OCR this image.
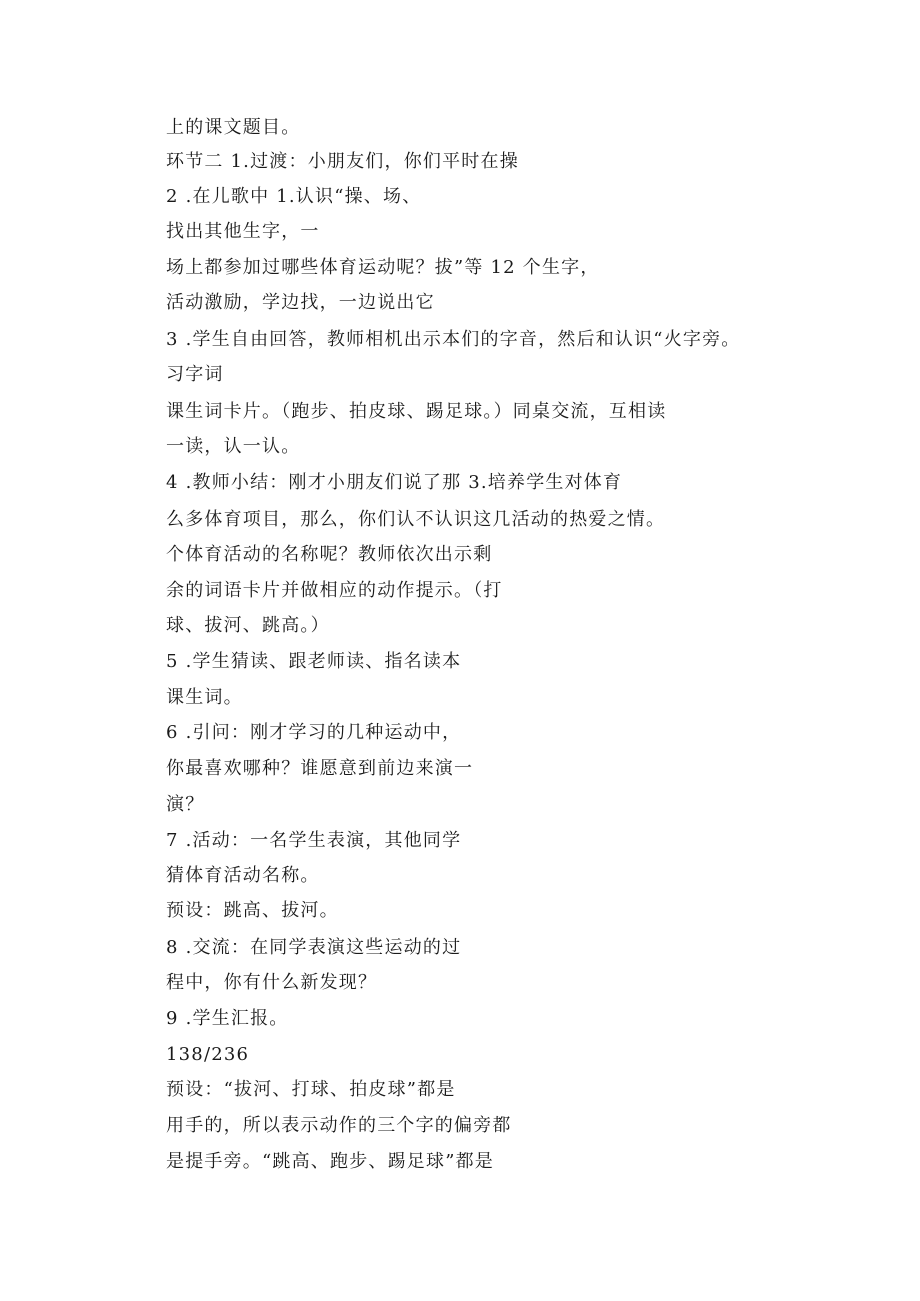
上的课文题目。
环节二 1.过渡：小朋友们，你们平时在操
2 .在儿歌中 1.认识“操、场、
找出其他生字，一
场上都参加过哪些体育运动呢？拔”等 12 个生字，
活动激励，学边找，一边说出它
3 .学生自由回答，教师相机出示本们的字音，然后和认识“火字旁。
习字词
课生词卡片。（跑步、拍皮球、踢足球。）同桌交流，互相读
一读，认一认。
4 .教师小结：刚才小朋友们说了那 3.培养学生对体育
么多体育项目，那么，你们认不认识这几活动的热爱之情。
个体育活动的名称呢？教师依次出示剩
余的词语卡片并做相应的动作提示。（打
球、拔河、跳高。）
5 .学生猜读、跟老师读、指名读本
课生词。
6 .引问：刚才学习的几种运动中，
你最喜欢哪种？谁愿意到前边来演一
演？
7 .活动：一名学生表演，其他同学
猜体育活动名称。
预设：跳高、拔河。
8 .交流：在同学表演这些运动的过
程中，你有什么新发现？
9 .学生汇报。
138/236
预设：“拔河、打球、拍皮球”都是
用手的，所以表示动作的三个字的偏旁都
是提手旁。“跳高、跑步、踢足球”都是
